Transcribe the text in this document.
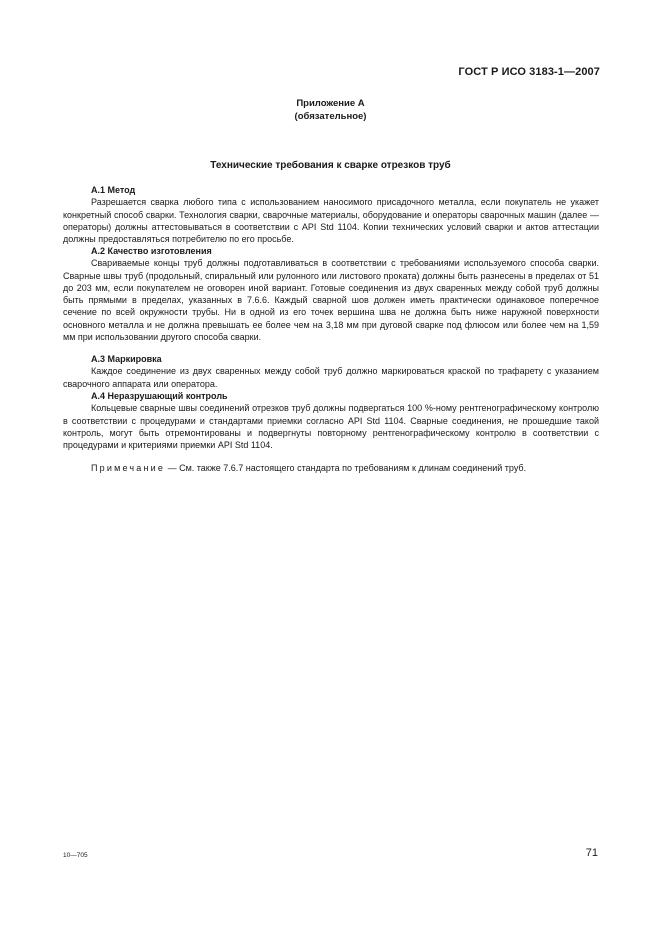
ГОСТ Р ИСО 3183-1—2007
Приложение А
(обязательное)
Технические требования к сварке отрезков труб
А.1 Метод
Разрешается сварка любого типа с использованием наносимого присадочного металла, если покупатель не укажет конкретный способ сварки. Технология сварки, сварочные материалы, оборудование и операторы сварочных машин (далее — операторы) должны аттестовываться в соответствии с API Std 1104. Копии технических условий сварки и актов аттестации должны предоставляться потребителю по его просьбе.
А.2 Качество изготовления
Свариваемые концы труб должны подготавливаться в соответствии с требованиями используемого способа сварки. Сварные швы труб (продольный, спиральный или рулонного или листового проката) должны быть разнесены в пределах от 51 до 203 мм, если покупателем не оговорен иной вариант. Готовые соединения из двух сваренных между собой труб должны быть прямыми в пределах, указанных в 7.6.6. Каждый сварной шов должен иметь практически одинаковое поперечное сечение по всей окружности трубы. Ни в одной из его точек вершина шва не должна быть ниже наружной поверхности основного металла и не должна превышать ее более чем на 3,18 мм при дуговой сварке под флюсом или более чем на 1,59 мм при использовании другого способа сварки.
А.3 Маркировка
Каждое соединение из двух сваренных между собой труб должно маркироваться краской по трафарету с указанием сварочного аппарата или оператора.
А.4 Неразрушающий контроль
Кольцевые сварные швы соединений отрезков труб должны подвергаться 100 %-ному рентгенографическому контролю в соответствии с процедурами и стандартами приемки согласно API Std 1104. Сварные соединения, не прошедшие такой контроль, могут быть отремонтированы и подвергнуты повторному рентгенографическому контролю в соответствии с процедурами и критериями приемки API Std 1104.
Примечание — См. также 7.6.7 настоящего стандарта по требованиям к длинам соединений труб.
10—705	71
